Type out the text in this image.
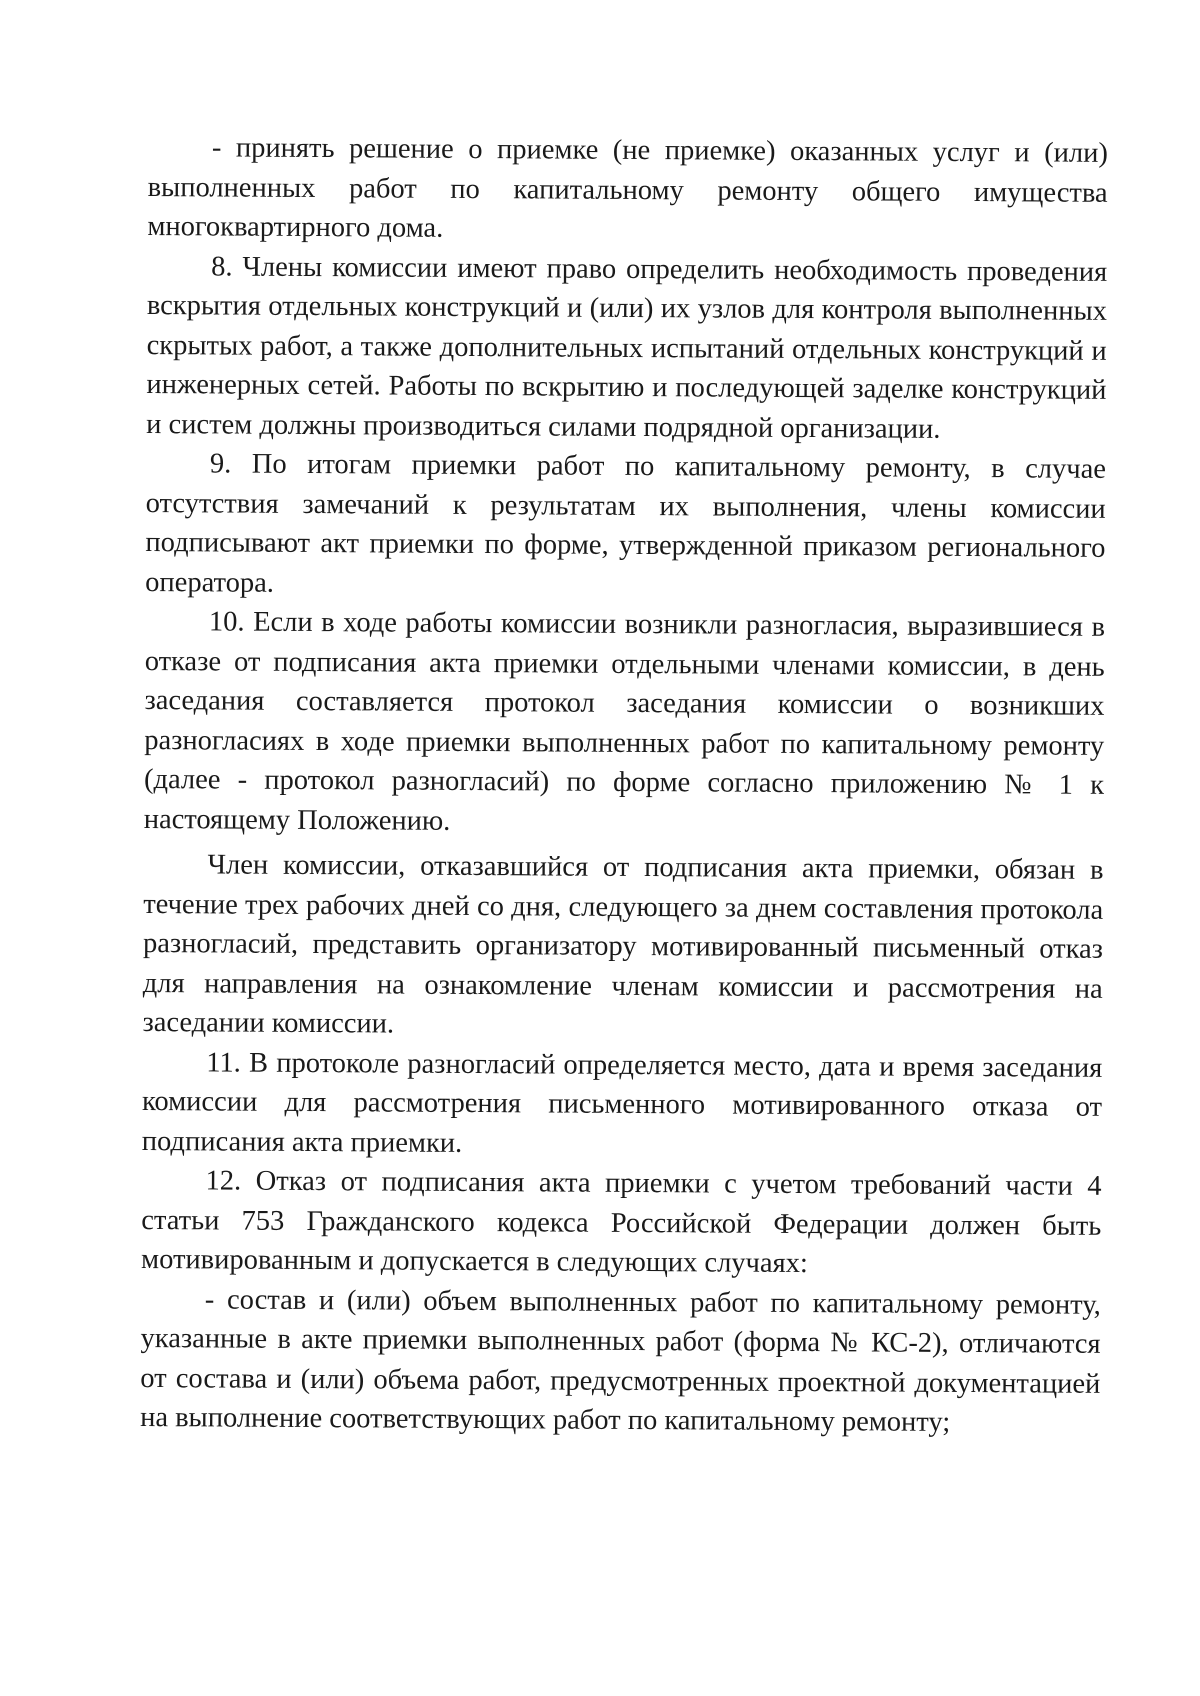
- принять решение о приемке (не приемке) оказанных услуг и (или) выполненных работ по капитальному ремонту общего имущества многоквартирного дома.

8. Члены комиссии имеют право определить необходимость проведения вскрытия отдельных конструкций и (или) их узлов для контроля выполненных скрытых работ, а также дополнительных испытаний отдельных конструкций и инженерных сетей. Работы по вскрытию и последующей заделке конструкций и систем должны производиться силами подрядной организации.

9. По итогам приемки работ по капитальному ремонту, в случае отсутствия замечаний к результатам их выполнения, члены комиссии подписывают акт приемки по форме, утвержденной приказом регионального оператора.

10. Если в ходе работы комиссии возникли разногласия, выразившиеся в отказе от подписания акта приемки отдельными членами комиссии, в день заседания составляется протокол заседания комиссии о возникших разногласиях в ходе приемки выполненных работ по капитальному ремонту (далее - протокол разногласий) по форме согласно приложению № 1 к настоящему Положению.

Член комиссии, отказавшийся от подписания акта приемки, обязан в течение трех рабочих дней со дня, следующего за днем составления протокола разногласий, представить организатору мотивированный письменный отказ для направления на ознакомление членам комиссии и рассмотрения на заседании комиссии.

11. В протоколе разногласий определяется место, дата и время заседания комиссии для рассмотрения письменного мотивированного отказа от подписания акта приемки.

12. Отказ от подписания акта приемки с учетом требований части 4 статьи 753 Гражданского кодекса Российской Федерации должен быть мотивированным и допускается в следующих случаях:

- состав и (или) объем выполненных работ по капитальному ремонту, указанные в акте приемки выполненных работ (форма № КС-2), отличаются от состава и (или) объема работ, предусмотренных проектной документацией на выполнение соответствующих работ по капитальному ремонту;
